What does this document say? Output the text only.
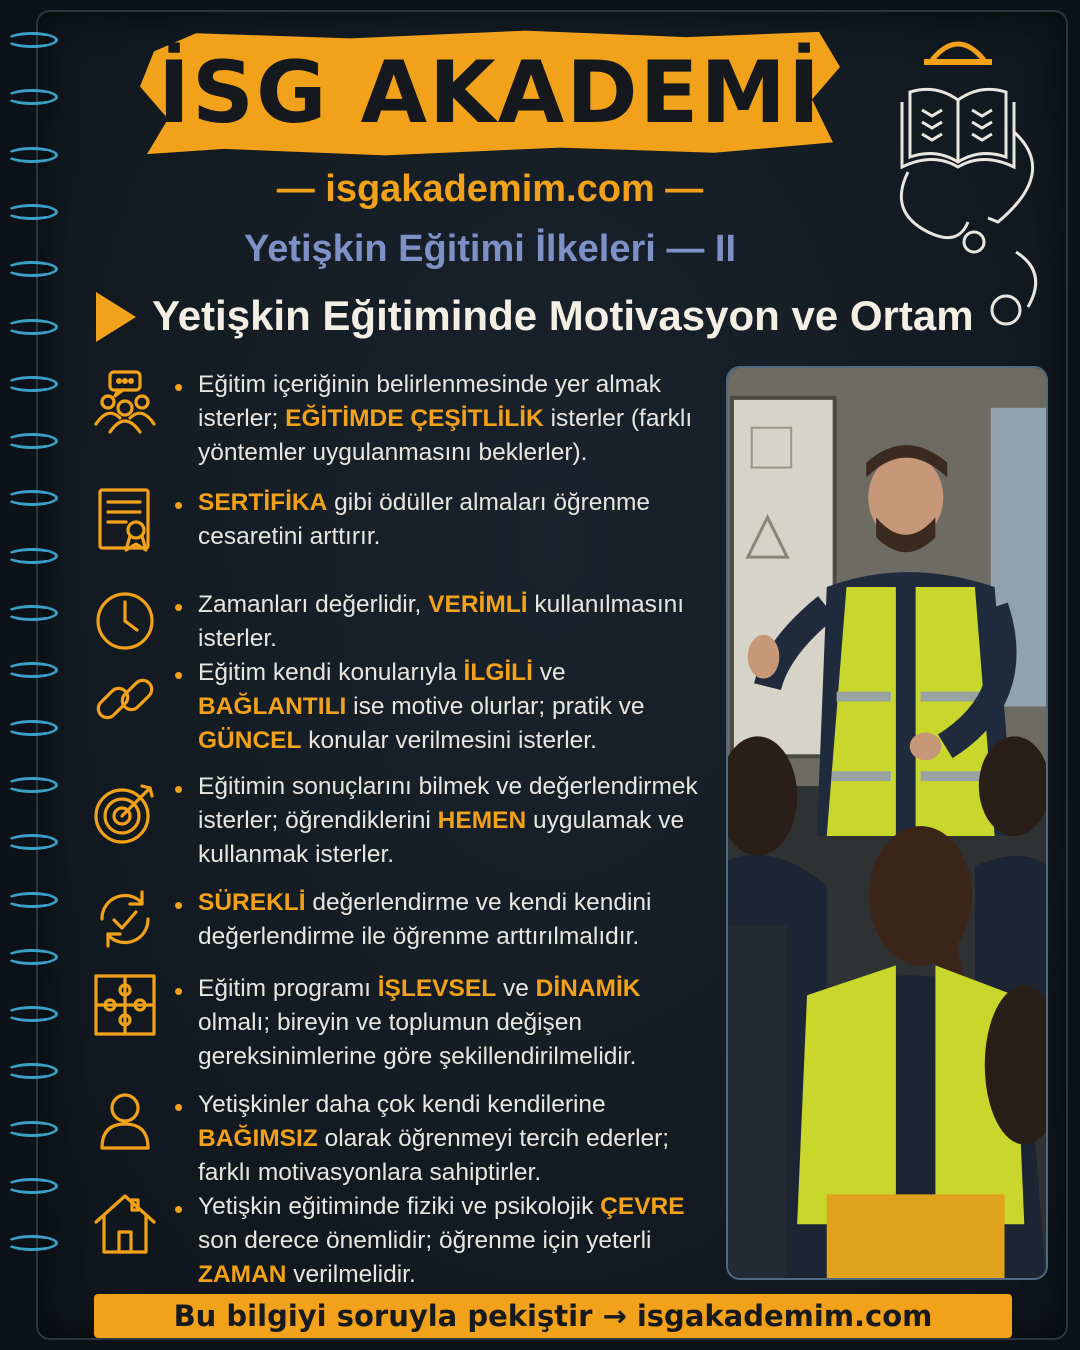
İSG AKADEMİ
— isgakademim.com —
Yetişkin Eğitimi İlkeleri — II
Yetişkin Eğitiminde Motivasyon ve Ortam
• Eğitim içeriğinin belirlenmesinde yer almak isterler; EĞİTİMDE ÇEŞİTLİLİK isterler (farklı yöntemler uygulanmasını beklerler).
• SERTİFİKA gibi ödüller almaları öğrenme cesaretini arttırır.
• Zamanları değerlidir, VERİMLİ kullanılmasını isterler.
• Eğitim kendi konularıyla İLGİLİ ve BAĞLANTILI ise motive olurlar; pratik ve GÜNCEL konular verilmesini isterler.
• Eğitimin sonuçlarını bilmek ve değerlendirmek isterler; öğrendiklerini HEMEN uygulamak ve kullanmak isterler.
• SÜREKLİ değerlendirme ve kendi kendini değerlendirme ile öğrenme arttırılmalıdır.
• Eğitim programı İŞLEVSEL ve DİNAMİK olmalı; bireyin ve toplumun değişen gereksinimlerine göre şekillendirilmelidir.
• Yetişkinler daha çok kendi kendilerine BAĞIMSIZ olarak öğrenmeyi tercih ederler; farklı motivasyonlara sahiptirler.
• Yetişkin eğitiminde fiziki ve psikolojik ÇEVRE son derece önemlidir; öğrenme için yeterli ZAMAN verilmelidir.
Bu bilgiyi soruyla pekiştir → isgakademim.com
